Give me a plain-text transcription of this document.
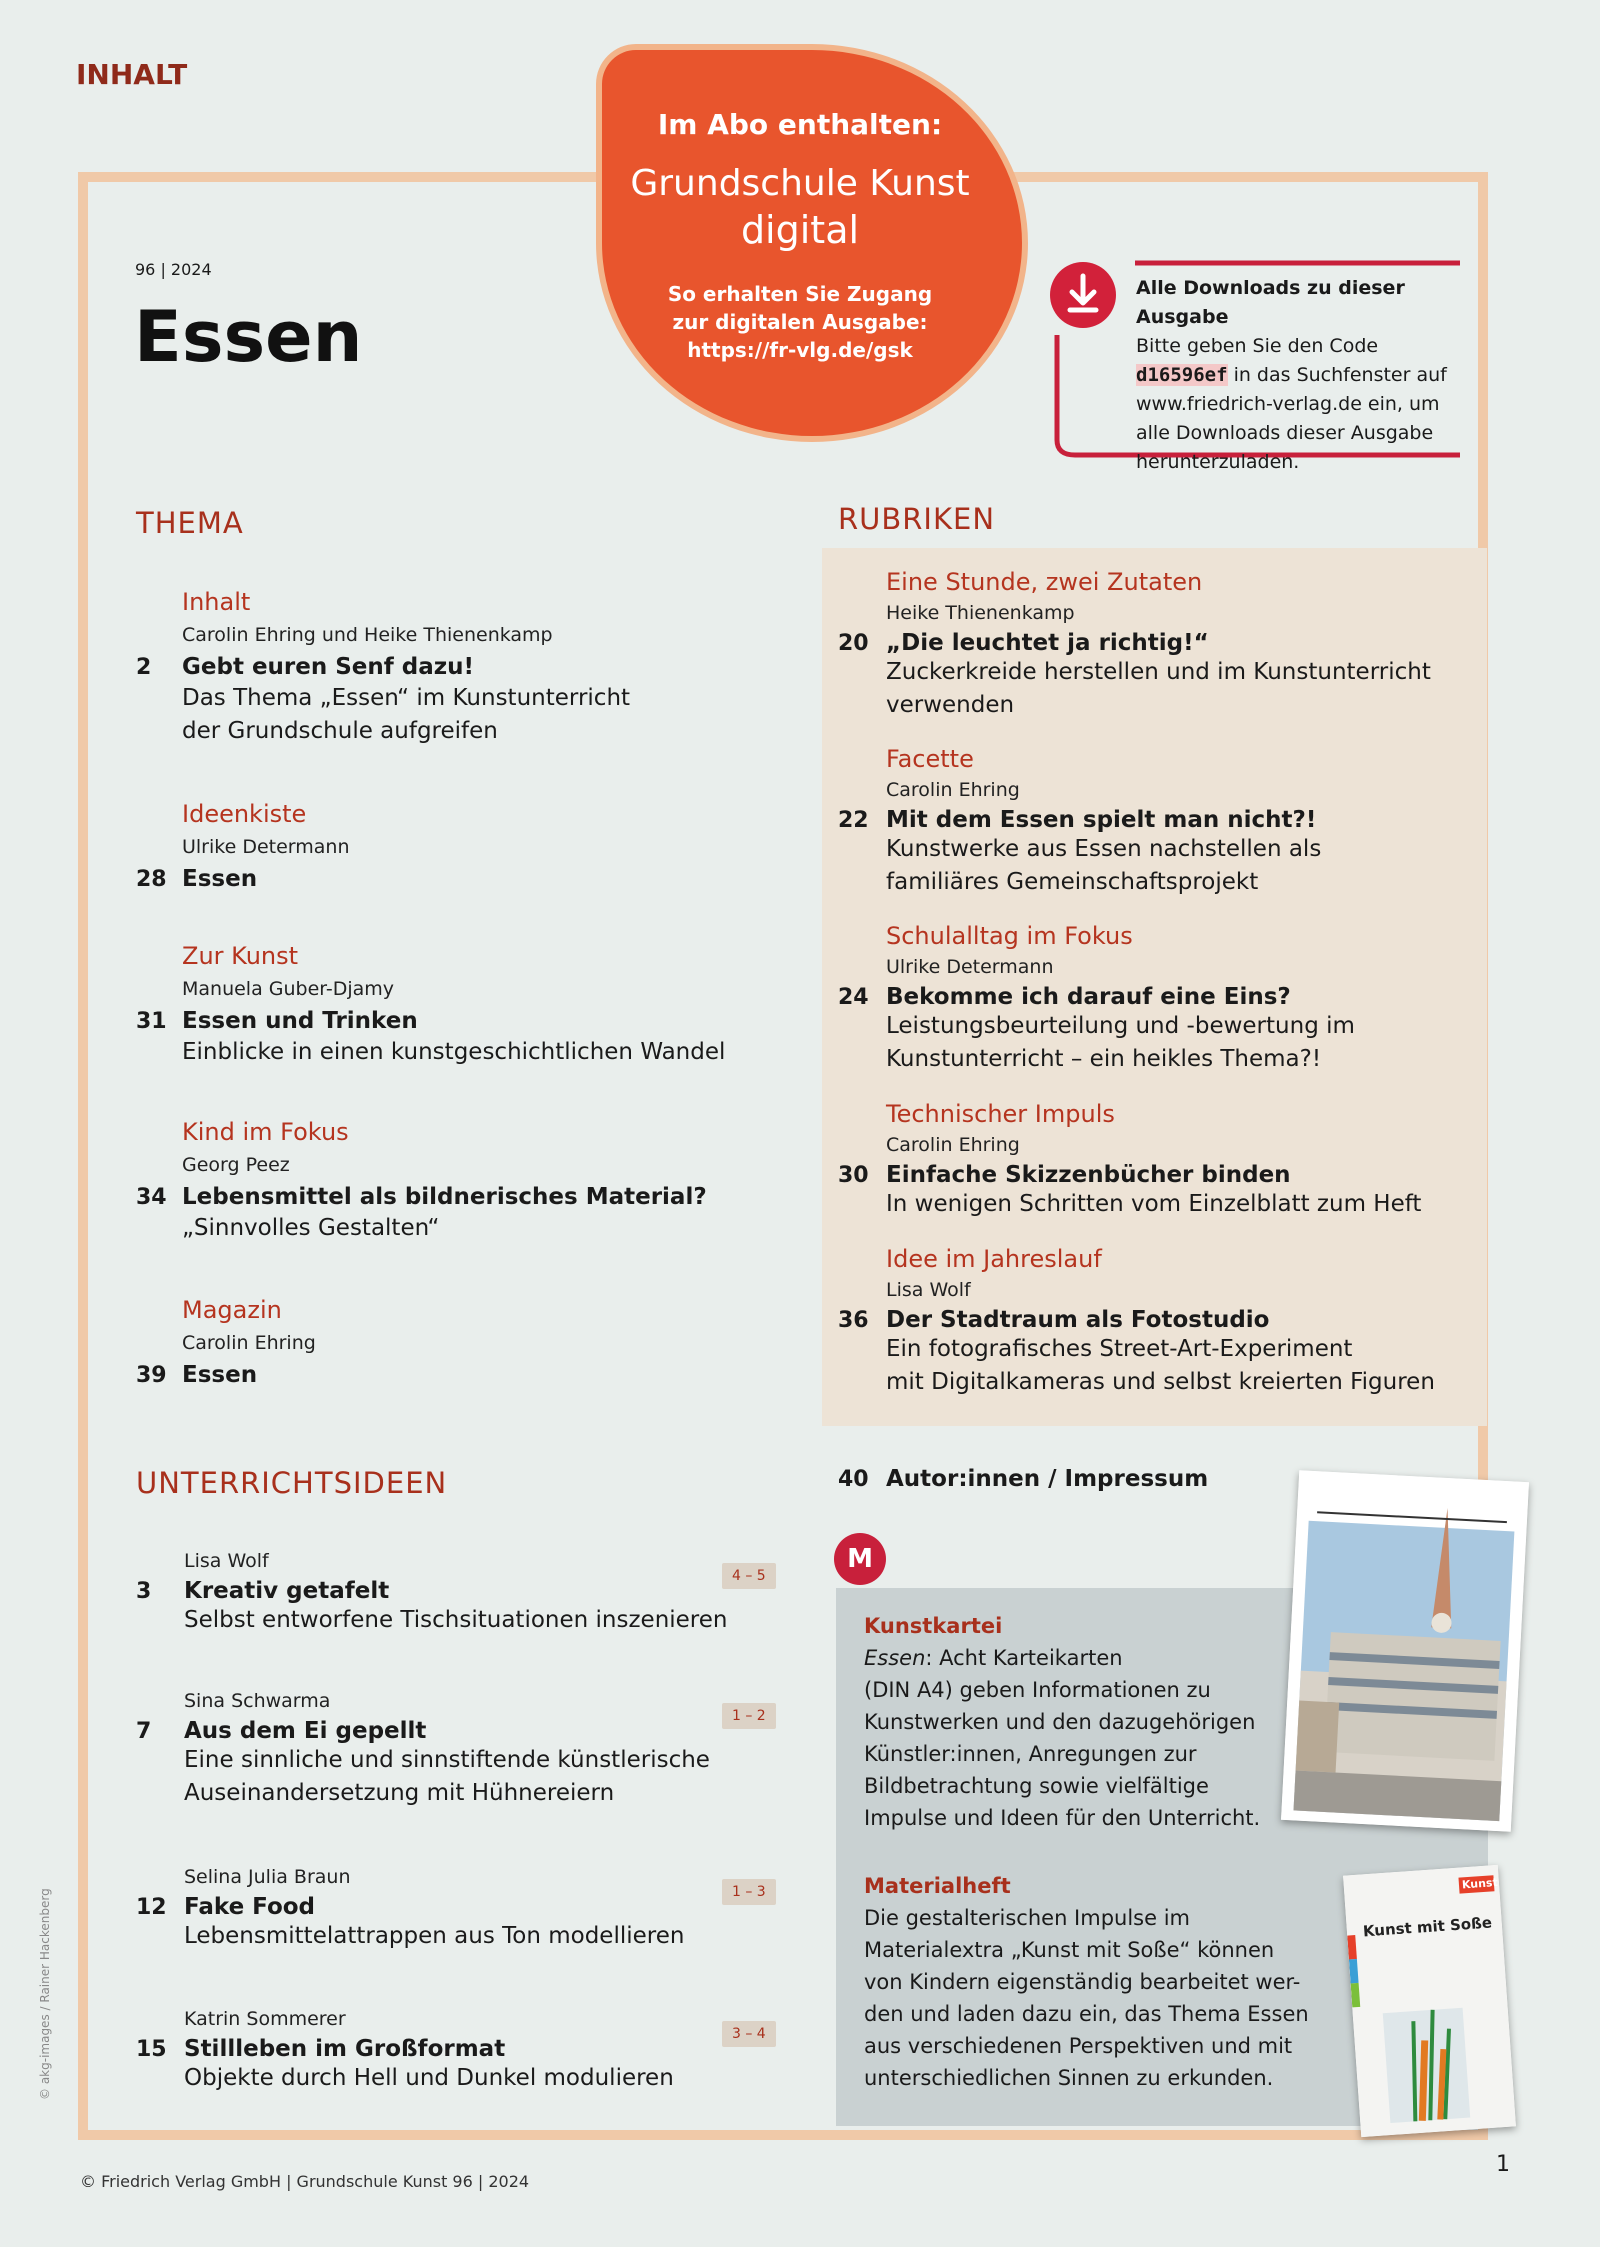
INHALT
96 | 2024
Essen
Im Abo enthalten:
Grundschule Kunst
digital
So erhalten Sie Zugang
zur digitalen Ausgabe:
https://fr-vlg.de/gsk
Alle Downloads zu dieser Ausgabe
Bitte geben Sie den Code
d16596ef in das Suchfenster auf
www.friedrich-verlag.de ein, um
alle Downloads dieser Ausgabe
herunterzuladen.
THEMA
Inhalt
Carolin Ehring und Heike Thienenkamp
2 Gebt euren Senf dazu!
Das Thema „Essen“ im Kunstunterricht
der Grundschule aufgreifen
Ideenkiste
Ulrike Determann
28 Essen
Zur Kunst
Manuela Guber-Djamy
31 Essen und Trinken
Einblicke in einen kunstgeschichtlichen Wandel
Kind im Fokus
Georg Peez
34 Lebensmittel als bildnerisches Material?
„Sinnvolles Gestalten“
Magazin
Carolin Ehring
39 Essen
RUBRIKEN
Eine Stunde, zwei Zutaten
Heike Thienenkamp
20 „Die leuchtet ja richtig!“
Zuckerkreide herstellen und im Kunstunterricht
verwenden
Facette
Carolin Ehring
22 Mit dem Essen spielt man nicht?!
Kunstwerke aus Essen nachstellen als
familiäres Gemeinschaftsprojekt
Schulalltag im Fokus
Ulrike Determann
24 Bekomme ich darauf eine Eins?
Leistungsbeurteilung und -bewertung im
Kunstunterricht – ein heikles Thema?!
Technischer Impuls
Carolin Ehring
30 Einfache Skizzenbücher binden
In wenigen Schritten vom Einzelblatt zum Heft
Idee im Jahreslauf
Lisa Wolf
36 Der Stadtraum als Fotostudio
Ein fotografisches Street-Art-Experiment
mit Digitalkameras und selbst kreierten Figuren
40 Autor:innen / Impressum
UNTERRICHTSIDEEN
Lisa Wolf
3 Kreativ getafelt
Selbst entworfene Tischsituationen inszenieren
4 – 5
Sina Schwarma
7 Aus dem Ei gepellt
Eine sinnliche und sinnstiftende künstlerische
Auseinandersetzung mit Hühnereiern
1 – 2
Selina Julia Braun
12 Fake Food
Lebensmittelattrappen aus Ton modellieren
1 – 3
Katrin Sommerer
15 Stillleben im Großformat
Objekte durch Hell und Dunkel modulieren
3 – 4
M
Kunstkartei
Essen: Acht Karteikarten
(DIN A4) geben Informationen zu
Kunstwerken und den dazugehörigen
Künstler:innen, Anregungen zur
Bildbetrachtung sowie vielfältige
Impulse und Ideen für den Unterricht.
Materialheft
Die gestalterischen Impulse im
Materialextra „Kunst mit Soße“ können
von Kindern eigenständig bearbeitet wer-
den und laden dazu ein, das Thema Essen
aus verschiedenen Perspektiven und mit
unterschiedlichen Sinnen zu erkunden.
Kunst
Kunst mit Soße
© akg-images / Rainer Hackenberg
© Friedrich Verlag GmbH | Grundschule Kunst 96 | 2024
1
